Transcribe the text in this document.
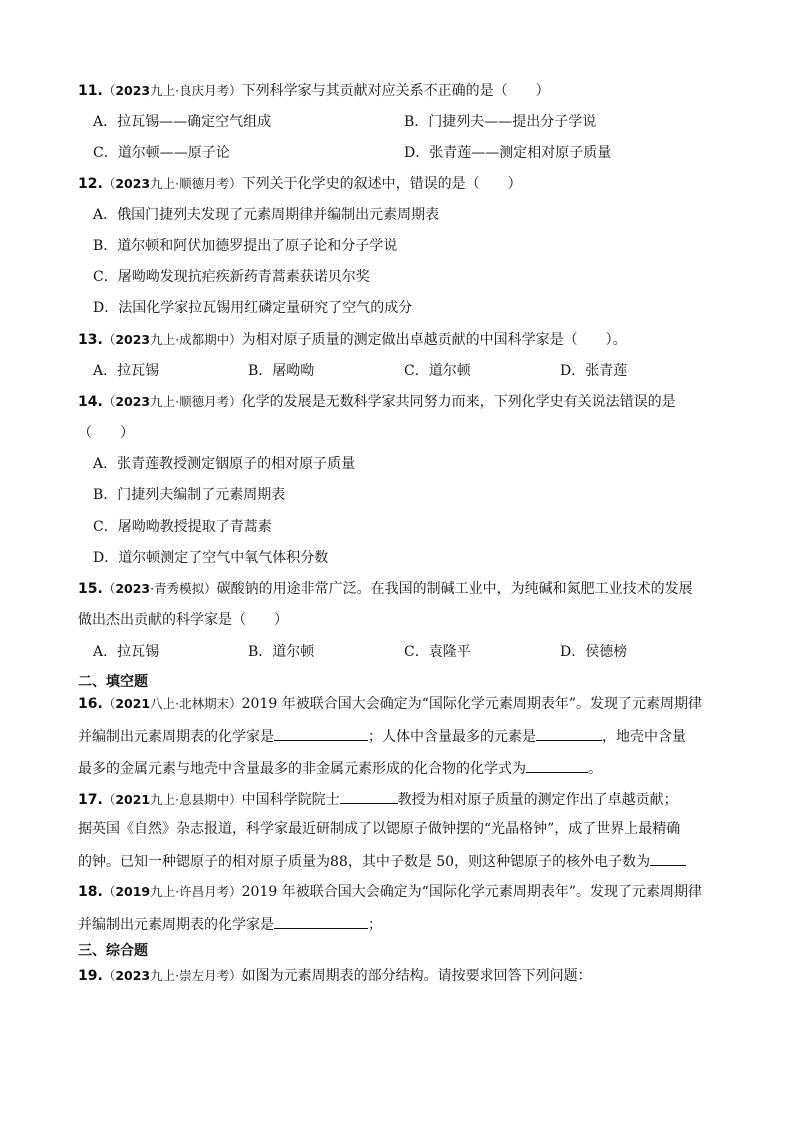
11.（2023九上·良庆月考）下列科学家与其贡献对应关系不正确的是（　　）
A．拉瓦锡——确定空气组成	B．门捷列夫——提出分子学说
C．道尔顿——原子论	D．张青莲——测定相对原子质量
12.（2023九上·顺德月考）下列关于化学史的叙述中，错误的是（　　）
A．俄国门捷列夫发现了元素周期律并编制出元素周期表
B．道尔顿和阿伏加德罗提出了原子论和分子学说
C．屠呦呦发现抗疟疾新药青蒿素获诺贝尔奖
D．法国化学家拉瓦锡用红磷定量研究了空气的成分
13.（2023九上·成都期中）为相对原子质量的测定做出卓越贡献的中国科学家是（　　）。
A．拉瓦锡	B．屠呦呦	C．道尔顿	D．张青莲
14.（2023九上·顺德月考）化学的发展是无数科学家共同努力而来，下列化学史有关说法错误的是
（　　）
A．张青莲教授测定铟原子的相对原子质量
B．门捷列夫编制了元素周期表
C．屠呦呦教授提取了青蒿素
D．道尔顿测定了空气中氧气体积分数
15.（2023·青秀模拟）碳酸钠的用途非常广泛。在我国的制碱工业中，为纯碱和氮肥工业技术的发展
做出杰出贡献的科学家是（　　）
A．拉瓦锡	B．道尔顿	C．袁隆平	D．侯德榜
二、填空题
16.（2021八上·北林期末）2019 年被联合国大会确定为“国际化学元素周期表年”。发现了元素周期律
并编制出元素周期表的化学家是	；人体中含量最多的元素是	，地壳中含量
最多的金属元素与地壳中含量最多的非金属元素形成的化合物的化学式为	。
17.（2021九上·息县期中）中国科学院院士	教授为相对原子质量的测定作出了卓越贡献；
据英国《自然》杂志报道，科学家最近研制成了以锶原子做钟摆的“光晶格钟”，成了世界上最精确
的钟。已知一种锶原子的相对原子质量为88，其中子数是 50，则这种锶原子的核外电子数为
18.（2019九上·许昌月考）2019 年被联合国大会确定为“国际化学元素周期表年”。发现了元素周期律
并编制出元素周期表的化学家是	；
三、综合题
19.（2023九上·崇左月考）如图为元素周期表的部分结构。请按要求回答下列问题：
